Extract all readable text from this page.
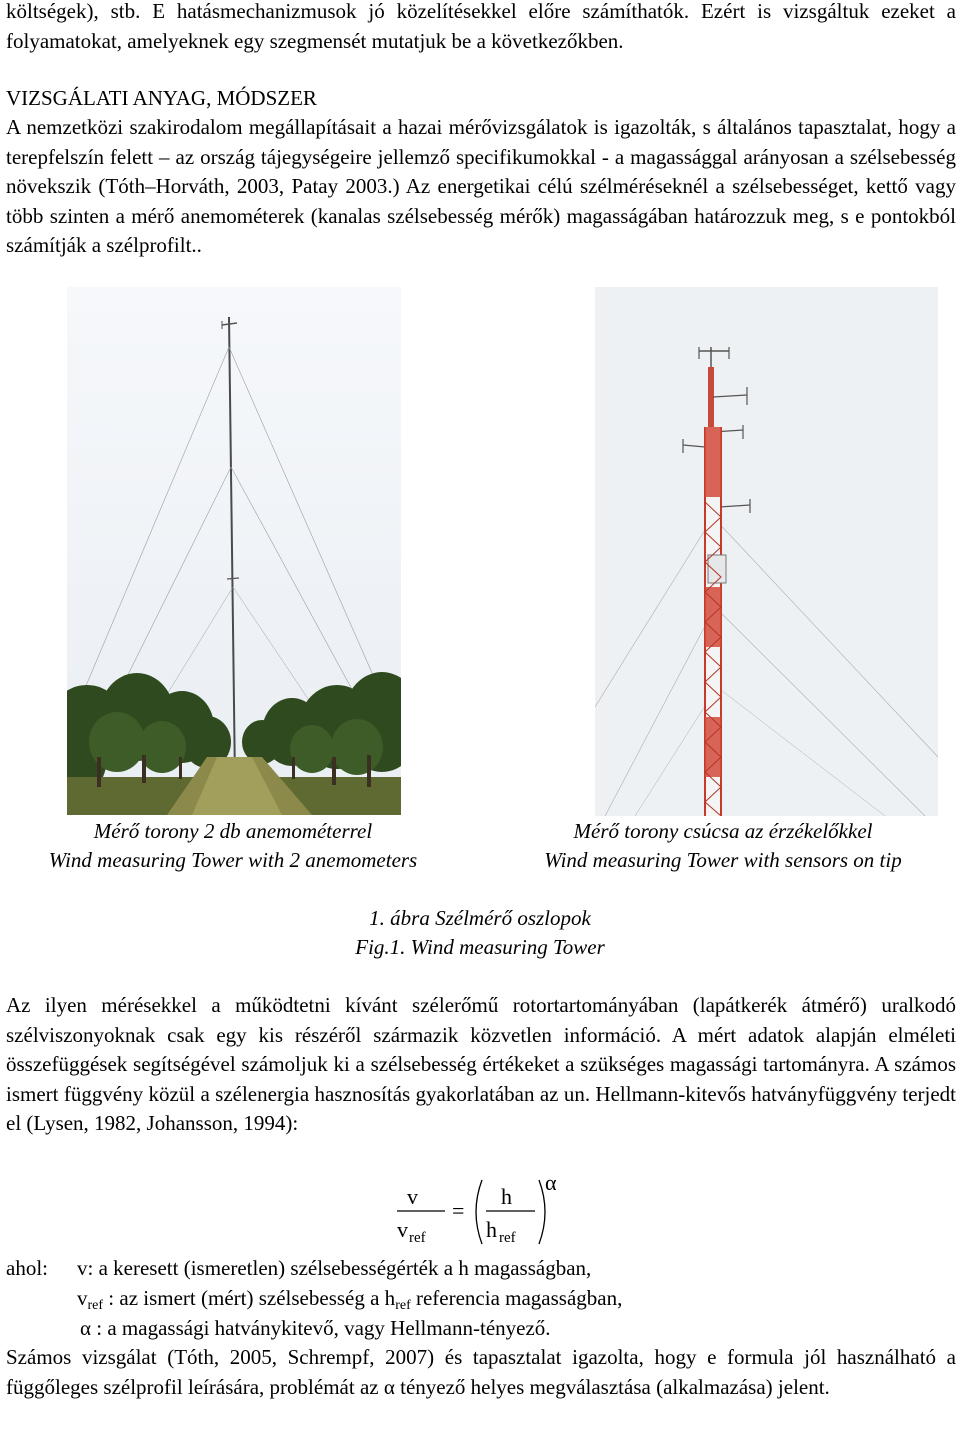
költségek), stb. E hatásmechanizmusok jó közelítésekkel előre számíthatók. Ezért is vizsgáltuk ezeket a folyamatokat, amelyeknek egy szegmensét mutatjuk be a következőkben.
VIZSGÁLATI ANYAG, MÓDSZER
A nemzetközi szakirodalom megállapításait a hazai mérővizsgálatok is igazolták, s általános tapasztalat, hogy a terepfelszín felett – az ország tájegységeire jellemző specifikumokkal - a magassággal arányosan a szélsebesség növekszik (Tóth–Horváth, 2003, Patay 2003.) Az energetikai célú szélméréseknél a szélsebességet, kettő vagy több szinten a mérő anemométerek (kanalas szélsebesség mérők) magasságában határozzuk meg, s e pontokból számítják a szélprofilt..
Mérő torony 2 db anemométerrel
Wind measuring Tower with 2 anemometers
Mérő torony csúcsa az érzékelőkkel
Wind measuring Tower with sensors on tip
1. ábra Szélmérő oszlopok
Fig.1. Wind measuring Tower
Az ilyen mérésekkel a működtetni kívánt szélerőmű rotortartományában (lapátkerék átmérő) uralkodó szélviszonyoknak csak egy kis részéről származik közvetlen információ. A mért adatok alapján elméleti összefüggések segítségével számoljuk ki a szélsebesség értékeket a szükséges magassági tartományra. A számos ismert függvény közül a szélenergia hasznosítás gyakorlatában az un. Hellmann-kitevős hatványfüggvény terjedt el (Lysen, 1982, Johansson, 1994):
v
v ref
=
h
h ref
α
ahol: v: a keresett (ismeretlen) szélsebességérték a h magasságban,
$v_{ref}$ : az ismert (mért) szélsebesség a $h_{ref}$ referencia magasságban,
α : a magassági hatványkitevő, vagy Hellmann-tényező.
Számos vizsgálat (Tóth, 2005, Schrempf, 2007) és tapasztalat igazolta, hogy e formula jól használható a függőleges szélprofil leírására, problémát az α tényező helyes megválasztása (alkalmazása) jelent.
